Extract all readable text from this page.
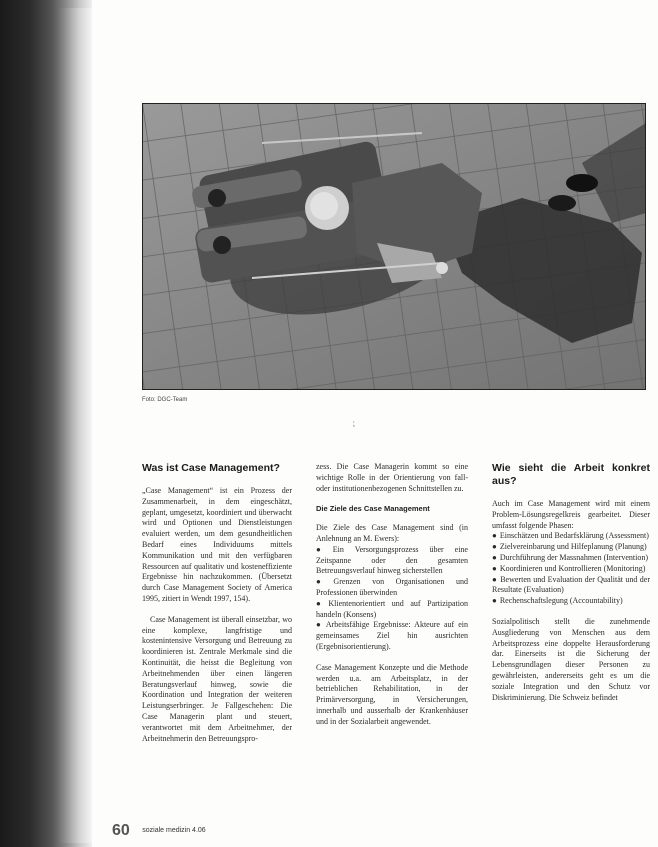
Foto: DGC-Team
⁏
Was ist Case Management?

„Case Management“ ist ein Prozess der Zusammenarbeit, in dem eingeschätzt, geplant, umgesetzt, koordiniert und überwacht wird und Optionen und Dienstleistungen evaluiert werden, um dem gesundheitlichen Bedarf eines Individuums mittels Kommunikation und mit den verfügbaren Ressourcen auf qualitativ und kosteneffiziente Ergebnisse hin nachzukommen. (Übersetzt durch Case Management Society of America 1995, zitiert in Wendt 1997, 154).

Case Management ist überall einsetzbar, wo eine komplexe, langfristige und kostenintensive Versorgung und Betreuung zu koordinieren ist. Zentrale Merkmale sind die Kontinuität, die heisst die Begleitung von Arbeitnehmenden über einen längeren Beratungsverlauf hinweg, sowie die Koordination und Integration der weiteren Leistungserbringer. Je Fallgeschehen: Die Case Managerin plant und steuert, verantwortet mit dem Arbeitnehmer, der Arbeitnehmerin den Betreuungspro-

zess. Die Case Managerin kommt so eine wichtige Rolle in der Orientierung von fall- oder institutionenbezogenen Schnittstellen zu.

Die Ziele des Case Management

Die Ziele des Case Management sind (in Anlehnung an M. Ewers):

● Ein Versorgungsprozess über eine Zeitspanne oder den gesamten Betreuungsverlauf hinweg sicherstellen
● Grenzen von Organisationen und Professionen überwinden
● Klientenorientiert und auf Partizipation handeln (Konsens)
● Arbeitsfähige Ergebnisse: Akteure auf ein gemeinsames Ziel hin ausrichten (Ergebnisorientierung).

Case Management Konzepte und die Methode werden u.a. am Arbeitsplatz, in der betrieblichen Rehabilitation, in der Primärversorgung, in Versicherungen, innerhalb und ausserhalb der Krankenhäuser und in der Sozialarbeit angewendet.

Wie sieht die Arbeit konkret aus?

Auch im Case Management wird mit einem Problem-Lösungsregelkreis gearbeitet. Dieser umfasst folgende Phasen:

● Einschätzen und Bedarfsklärung (Assessment)
● Zielvereinbarung und Hilfeplanung (Planung)
● Durchführung der Massnahmen (Intervention)
● Koordinieren und Kontrollieren (Monitoring)
● Bewerten und Evaluation der Qualität und der Resultate (Evaluation)
● Rechenschaftslegung (Accountability)

Sozialpolitisch stellt die zunehmende Ausgliederung von Menschen aus dem Arbeitsprozess eine doppelte Herausforderung dar. Einerseits ist die Sicherung der Lebensgrundlagen dieser Personen zu gewährleisten, andererseits geht es um die soziale Integration und den Schutz vor Diskriminierung. Die Schweiz befindet

60 soziale medizin 4.06
